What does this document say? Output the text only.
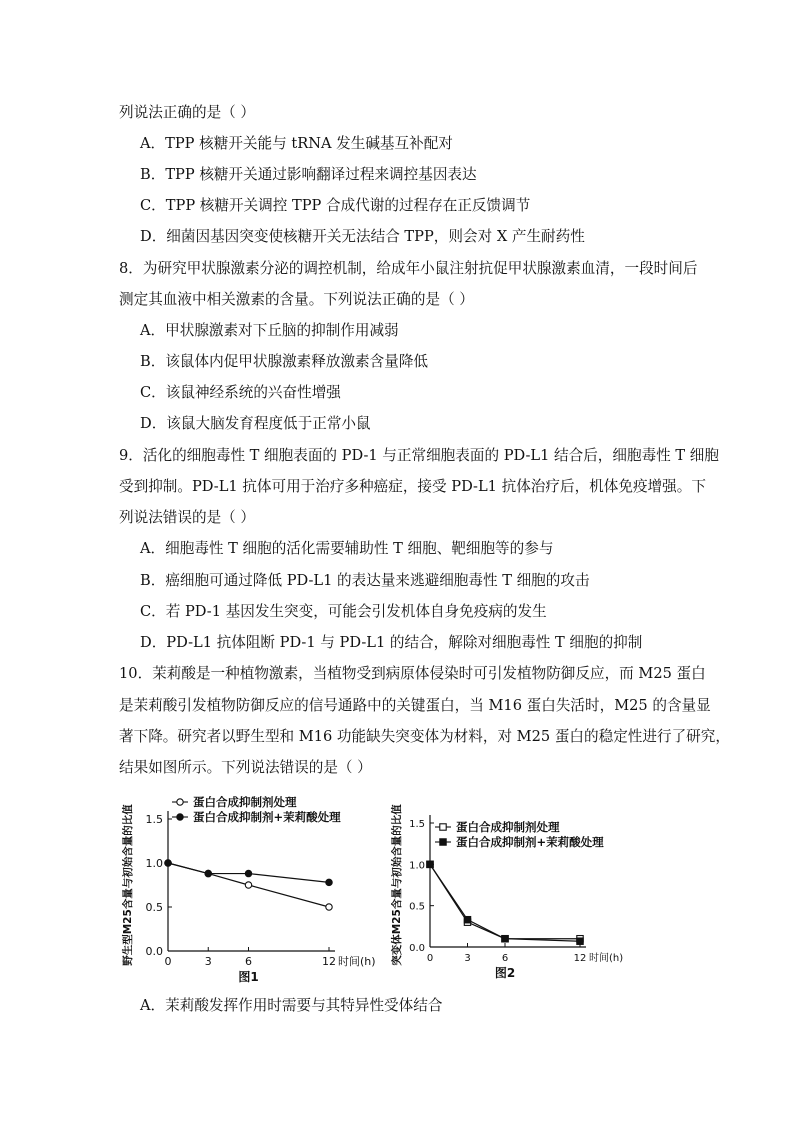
列说法正确的是（ ）
A．TPP 核糖开关能与 tRNA 发生碱基互补配对
B．TPP 核糖开关通过影响翻译过程来调控基因表达
C．TPP 核糖开关调控 TPP 合成代谢的过程存在正反馈调节
D．细菌因基因突变使核糖开关无法结合 TPP，则会对 X 产生耐药性
8．为研究甲状腺激素分泌的调控机制，给成年小鼠注射抗促甲状腺激素血清，一段时间后
测定其血液中相关激素的含量。下列说法正确的是（ ）
A．甲状腺激素对下丘脑的抑制作用减弱
B．该鼠体内促甲状腺激素释放激素含量降低
C．该鼠神经系统的兴奋性增强
D．该鼠大脑发育程度低于正常小鼠
9．活化的细胞毒性 T 细胞表面的 PD-1 与正常细胞表面的 PD-L1 结合后，细胞毒性 T 细胞
受到抑制。PD-L1 抗体可用于治疗多种癌症，接受 PD-L1 抗体治疗后，机体免疫增强。下
列说法错误的是（ ）
A．细胞毒性 T 细胞的活化需要辅助性 T 细胞、靶细胞等的参与
B．癌细胞可通过降低 PD-L1 的表达量来逃避细胞毒性 T 细胞的攻击
C．若 PD-1 基因发生突变，可能会引发机体自身免疫病的发生
D．PD-L1 抗体阻断 PD-1 与 PD-L1 的结合，解除对细胞毒性 T 细胞的抑制
10．茉莉酸是一种植物激素，当植物受到病原体侵染时可引发植物防御反应，而 M25 蛋白
是茉莉酸引发植物防御反应的信号通路中的关键蛋白，当 M16 蛋白失活时，M25 的含量显
著下降。研究者以野生型和 M16 功能缺失突变体为材料，对 M25 蛋白的稳定性进行了研究，
结果如图所示。下列说法错误的是（ ）
0.0
0.5
1.0
1.5
0	3	6	12 时间(h)
图1
野生型M25含量与初始含量的比值
蛋白合成抑制剂处理
蛋白合成抑制剂+茉莉酸处理
0.0
0.5
1.0
1.5
0	3	6	12 时间(h)
图2
突变体M25含量与初始含量的比值	蛋白合成抑制剂处理
蛋白合成抑制剂+茉莉酸处理
A．茉莉酸发挥作用时需要与其特异性受体结合
